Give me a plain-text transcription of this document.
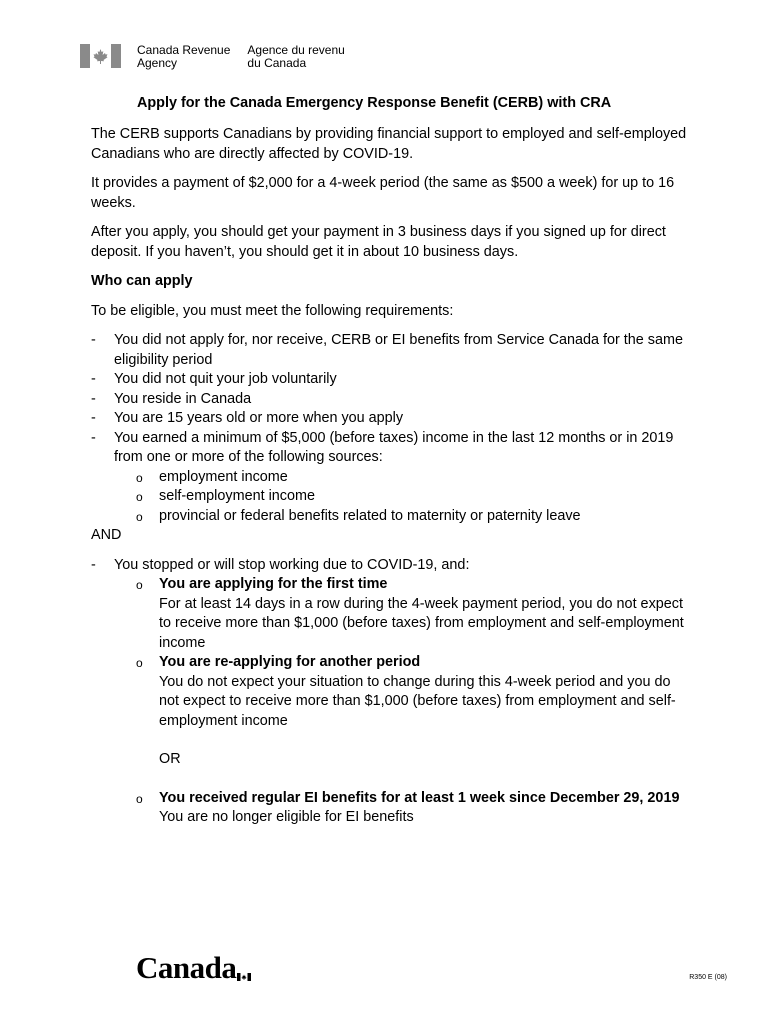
Canada Revenue
Agency
Agence du revenu
du Canada
Apply for the Canada Emergency Response Benefit (CERB) with CRA

The CERB supports Canadians by providing financial support to employed and self-employed Canadians who are directly affected by COVID-19.

It provides a payment of $2,000 for a 4-week period (the same as $500 a week) for up to 16 weeks.

After you apply, you should get your payment in 3 business days if you signed up for direct deposit. If you haven’t, you should get it in about 10 business days.

Who can apply

To be eligible, you must meet the following requirements:

- You did not apply for, nor receive, CERB or EI benefits from Service Canada for the same eligibility period
- You did not quit your job voluntarily
- You reside in Canada
- You are 15 years old or more when you apply
- You earned a minimum of $5,000 (before taxes) income in the last 12 months or in 2019 from one or more of the following sources:
o employment income
o self-employment income
o provincial or federal benefits related to maternity or paternity leave
AND
- You stopped or will stop working due to COVID-19, and:
o You are applying for the first time
For at least 14 days in a row during the 4-week payment period, you do not expect to receive more than $1,000 (before taxes) from employment and self-employment income
o You are re-applying for another period
You do not expect your situation to change during this 4-week period and you do not expect to receive more than $1,000 (before taxes) from employment and self-employment income
OR
o You received regular EI benefits for at least 1 week since December 29, 2019
You are no longer eligible for EI benefits
Canada	R350 E (08)
